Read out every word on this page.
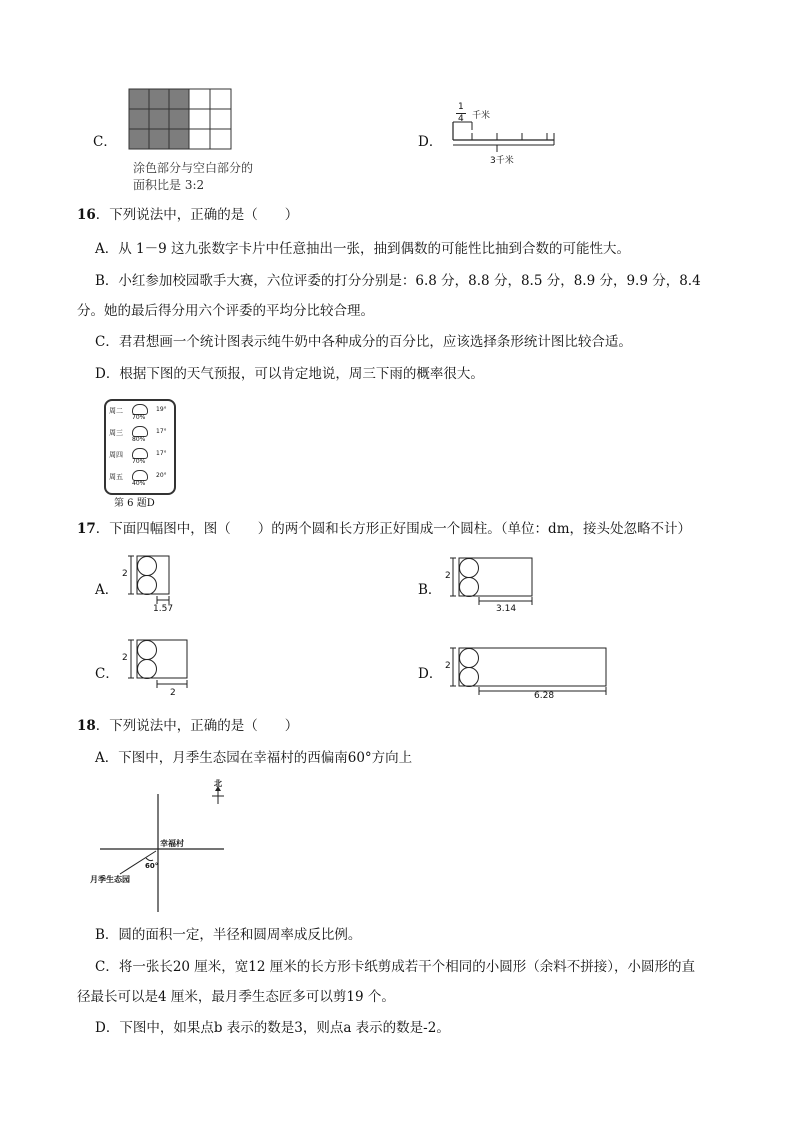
C．
涂色部分与空白部分的
面积比是 3:2
D．
1
4 千米
3千米
16．下列说法中，正确的是（　　）
A．从 1－9 这九张数字卡片中任意抽出一张，抽到偶数的可能性比抽到合数的可能性大。
B．小红参加校园歌手大赛，六位评委的打分分别是：6.8 分，8.8 分，8.5 分，8.9 分，9.9 分，8.4
分。她的最后得分用六个评委的平均分比较合理。
C．君君想画一个统计图表示纯牛奶中各种成分的百分比，应该选择条形统计图比较合适。
D．根据下图的天气预报，可以肯定地说，周三下雨的概率很大。
周二
70%
19°
周三
80%
17°
周四
70%
17°
周五
40%
20°
第 6 题D
17．下面四幅图中，图（　　）的两个圆和长方形正好围成一个圆柱。（单位：dm，接头处忽略不计）
A．
2
1.57
B．
2
3.14
C．
2
2
D． 2
6.28
18．下列说法中，正确的是（　　）
A．下图中，月季生态园在幸福村的西偏南60°方向上
北
幸福村
60°
月季生态园
B．圆的面积一定，半径和圆周率成反比例。
C．将一张长20 厘米，宽12 厘米的长方形卡纸剪成若干个相同的小圆形（余料不拼接），小圆形的直
径最长可以是4 厘米，最月季生态匠多可以剪19 个。
D．下图中，如果点b 表示的数是3，则点a 表示的数是-2。
